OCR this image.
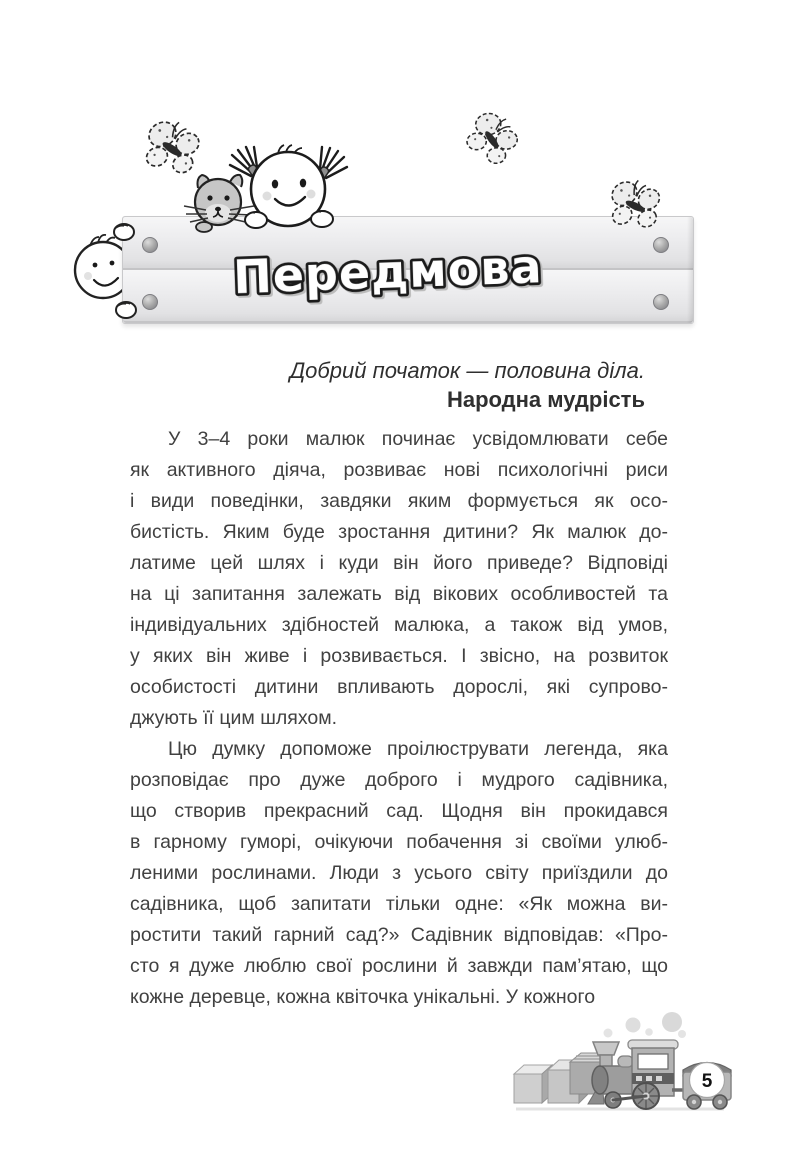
Передмова
Добрий початок — половина діла.
Народна мудрість
У 3–4 роки малюк починає усвідомлювати себе
як активного діяча, розвиває нові психологічні риси
і види поведінки, завдяки яким формується як осо-
бистість. Яким буде зростання дитини? Як малюк до-
латиме цей шлях і куди він його приведе? Відповіді
на ці запитання залежать від вікових особливостей та
індивідуальних здібностей малюка, а також від умов,
у яких він живе і розвивається. І звісно, на розвиток
особистості дитини впливають дорослі, які супрово-
джують її цим шляхом.
Цю думку допоможе проілюструвати легенда, яка
розповідає про дуже доброго і мудрого садівника,
що створив прекрасний сад. Щодня він прокидався
в гарному гуморі, очікуючи побачення зі своїми улюб-
леними рослинами. Люди з усього світу приїздили до
садівника, щоб запитати тільки одне: «Як можна ви-
ростити такий гарний сад?» Садівник відповідав: «Про-
сто я дуже люблю свої рослини й завжди пам’ятаю, що
кожне деревце, кожна квіточка унікальні. У кожного
5
